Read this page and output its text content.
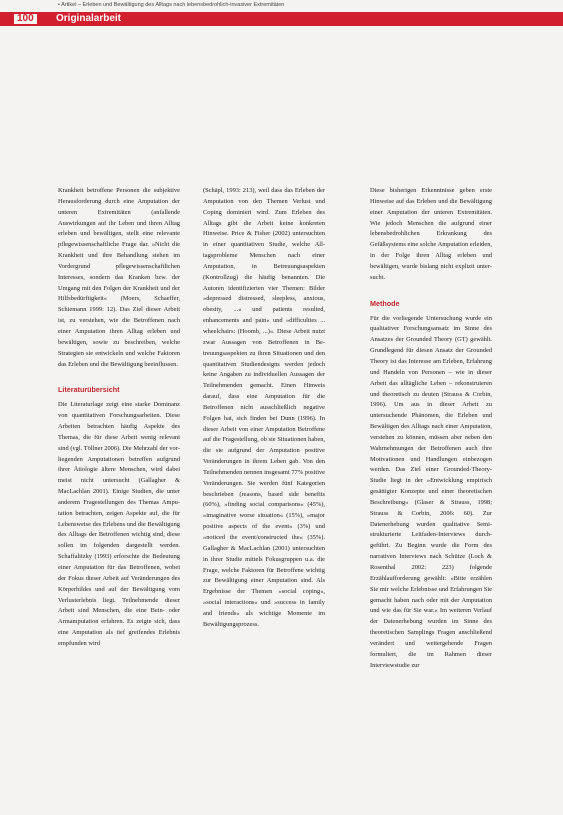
• Artikel – Erleben und Bewältigung des Alltags nach lebensbedrohlich-invasiver Extremitäten
100	Originalarbeit

Krankheit betroffene Personen die subjektive Herausforderung durch eine Amputation der unteren Extremitäten (anfallende Auswirkungen auf ihr Leben und ihren Alltag erleben und bewältigen, stellt eine relevante pflegewissenschaftliche Frage dar. »Nicht die Krankheit und ihre Behandlung stehen im Vordergrund pflegewissenschaftlichen Interesses, sondern das Kranken bzw. der Umgang mit den Folgen der Krankheit und der Hilfsbedürftigkeit« (Moers, Schaeffer, Schiemann 1999: 12). Das Ziel dieser Arbeit ist, zu verstehen, wie die Betroffenen nach einer Amputation ihren Alltag erleben und bewältigen, sowie zu beschreiben, welche Strategien sie entwickeln und welche Faktoren das Erleben und die Bewältigung beeinflussen.

Literaturübersicht

Die Literaturlage zeigt eine starke Dominanz von quantitativen Forschungsarbeiten. Diese Arbeiten betrachten häufig Aspekte des Themas, die für diese Arbeit wenig relevant sind (vgl. Töllner 2006). Die Mehrzahl der vorliegenden Amputationen betreffen aufgrund ihrer Ätiologie ältere Menschen, wird dabei meist nicht untersucht (Gallagher & MacLachlan 2001). Einige Studien, die unter anderem Fragestellungen des Themas Amputation betrachten, zeigen Aspekte auf, die für Lebensweise des Erlebens und die Bewältigung des Alltags der Betroffenen wichtig sind, diese sollen im folgenden dargestellt werden. Schaffalitzky (1993) erforschte die Bedeutung einer Amputation für das Betroffenen, wobei der Fokus dieser Arbeit auf Veränderungen des Körperbildes und auf der Bewältigung vom Verlusterlebnis liegt. Teilnehmende dieser Arbeit sind Menschen, die eine Bein- oder Armamputation erfahren. Es zeigte sich, dass eine Amputation als tief greifendes Erlebnis empfunden wird

(Schäpl, 1993: 213), weil dass das Erleben der Amputation von den Themen Verlust und Coping dominiert wird. Zum Erleben des Alltags gibt die Arbeit keine konkreten Hinweise. Price & Fisher (2002) untersuchten in einer quantitativen Studie, welche Alltagsprobleme Menschen nach einer Amputation, in Betreuungsaspekten (Kontrollzug) die häufig benannten. Die Autoren identifizierten vier Themen: Bilder »depressed distressed, sleepless, anxious, obesity, ...« und patients resulted, enhancements and pain« und »difficulties ... wheelchairs: (Hoomb, ...)«. Diese Arbeit nutzt zwar Aussagen von Betroffenen in Betreuungsaspekten zu ihren Situationen und den quantitativen Studiendesigns werden jedoch keine Angaben zu individuellen Aussagen der Teilnehmenden gemacht. Einen Hinweis darauf, dass eine Amputation für die Betroffenen nicht ausschließlich negative Folgen hat, sich finden bei Dunn (1996). In dieser Arbeit von einer Amputation Betroffene auf die Fragestellung, ob sie Situationen haben, die sie aufgrund der Amputation positive Veränderungen in ihrem Leben gab. Von den Teilnehmenden nennen insgesamt 77% positive Veränderungen. Sie werden fünf Kategorien beschrieben (reasons, based side benefits (60%), »finding social comparisons« (45%), »imaginative worse situation« (15%), »major positive aspects of the event« (3%) und »noticed the event/constructed the« (35%). Gallagher & MacLachlan (2001) untersuchten in ihrer Studie mittels Fokusgruppen u.a. die Frage, welche Faktoren für Betroffene wichtig zur Bewältigung einer Amputation sind. Als Ergebnisse der Themen »social coping«, »social interactions« und »success in family and friends« als wichtige Momente im Bewältigungsprozess.

Diese bisherigen Erkenntnisse geben erste Hinweise auf das Erleben und die Bewältigung einer Amputation der unteren Extremitäten. Wie jedoch Menschen die aufgrund einer lebensbedrohlichen Erkrankung des Gefäßsystems eine solche Amputation erleiden, in der Folge ihren Alltag erleben und bewältigen, wurde bislang nicht explizit untersucht.

Methode

Für die vorliegende Untersuchung wurde ein qualitativer Forschungsansatz im Sinne des Ansatzes der Grounded Theory (GT) gewählt. Grundlegend für diesen Ansatz der Grounded Theory ist das Interesse am Erleben, Erfahrung und Handeln von Personen – wie in dieser Arbeit das alltägliche Leben – rekonstruieren und theoretisch zu deuten (Strauss & Corbin, 1996). Um aus in dieser Arbeit zu untersuchende Phänomen, die Erleben und Bewältigen des Alltags nach einer Amputation, verstehen zu können, müssen aber neben den Wahrnehmungen der Betroffenen auch ihre Motivationen und Handlungen einbezogen werden. Das Ziel einer Grounded-Theory-Studie liegt in der »Entwicklung empirisch gesättigter Konzepte und einer theoretischen Beschreibung« (Glaser & Strauss, 1998; Strauss & Corbin, 2006: 60). Zur Datenerhebung wurden qualitative Semi-strukturierte Leitfaden-Interviews durchgeführt. Zu Beginn wurde die Form des narrativen Interviews nach Schütze (Loch & Rosenthal 2002: 223) folgende Erzählaufforderung gewählt: »Bitte erzählen Sie mir welche Erlebnisse und Erfahrungen Sie gemacht haben nach oder mit der Amputation und wie das für Sie war.« Im weiteren Verlauf der Datenerhebung wurden im Sinne des theoretischen Samplings Fragen anschließend verändert und weitergehende Fragen formuliert, die im Rahmen dieser Interviewstudie zur
